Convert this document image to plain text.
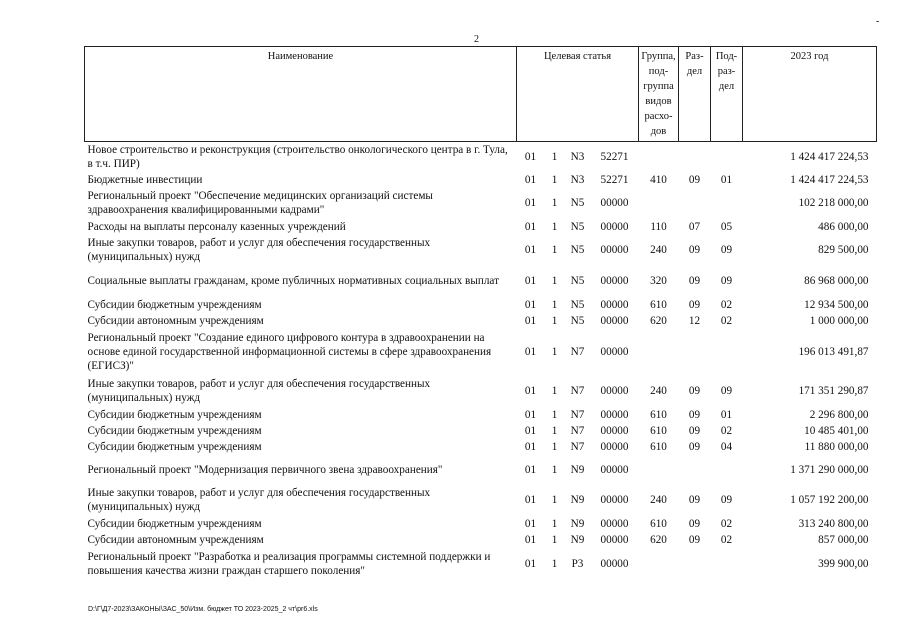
2
-
Наименование	Целевая статья				Группа, под-группа видов расхо-дов	Раз-дел	Под-раз-дел	2023 год
Новое строительство и реконструкция (строительство онкологического центра в г. Тула, в т.ч. ПИР)	01	1	N3	52271				1 424 417 224,53
Бюджетные инвестиции	01	1	N3	52271	410	09	01	1 424 417 224,53
Региональный проект "Обеспечение медицинских организаций системы здравоохранения квалифицированными кадрами"	01	1	N5	00000				102 218 000,00
Расходы на выплаты персоналу казенных учреждений	01	1	N5	00000	110	07	05	486 000,00
Иные закупки товаров, работ и услуг для обеспечения государственных (муниципальных) нужд	01	1	N5	00000	240	09	09	829 500,00
Социальные выплаты гражданам, кроме публичных нормативных социальных выплат	01	1	N5	00000	320	09	09	86 968 000,00
Субсидии бюджетным учреждениям	01	1	N5	00000	610	09	02	12 934 500,00
Субсидии автономным учреждениям	01	1	N5	00000	620	12	02	1 000 000,00
Региональный проект "Создание единого цифрового контура в здравоохранении на основе единой государственной информационной системы в сфере здравоохранения (ЕГИСЗ)"	01	1	N7	00000				196 013 491,87
Иные закупки товаров, работ и услуг для обеспечения государственных (муниципальных) нужд	01	1	N7	00000	240	09	09	171 351 290,87
Субсидии бюджетным учреждениям	01	1	N7	00000	610	09	01	2 296 800,00
Субсидии бюджетным учреждениям	01	1	N7	00000	610	09	02	10 485 401,00
Субсидии бюджетным учреждениям	01	1	N7	00000	610	09	04	11 880 000,00
Региональный проект "Модернизация первичного звена здравоохранения"	01	1	N9	00000				1 371 290 000,00
Иные закупки товаров, работ и услуг для обеспечения государственных (муниципальных) нужд	01	1	N9	00000	240	09	09	1 057 192 200,00
Субсидии бюджетным учреждениям	01	1	N9	00000	610	09	02	313 240 800,00
Субсидии автономным учреждениям	01	1	N9	00000	620	09	02	857 000,00
Региональный проект "Разработка и реализация программы системной поддержки и повышения качества жизни граждан старшего поколения"	01	1	P3	00000				399 900,00
D:\Г\Д7-2023\ЗАКОНЫ\ЗАС_50\Изм. бюджет ТО 2023-2025_2 чт\pr6.xls
